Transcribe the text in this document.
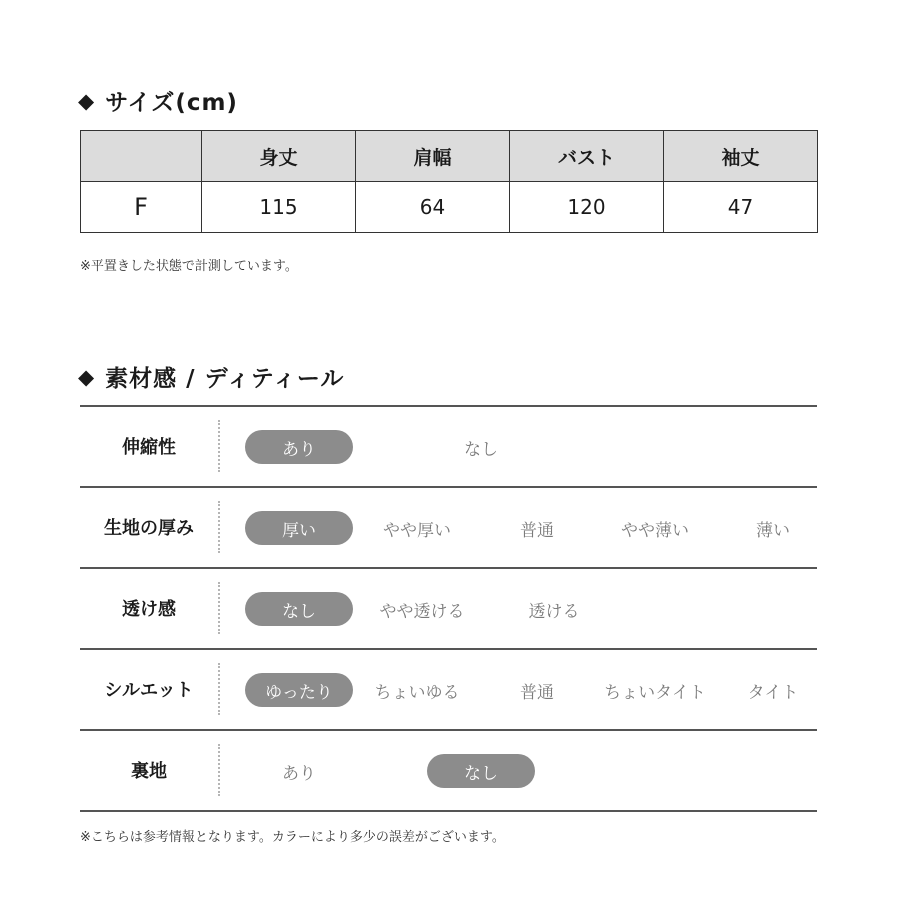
◆ サイズ(cm)
	身丈	肩幅	バスト	袖丈
F	115	64	120	47
※平置きした状態で計測しています。
◆ 素材感 / ディティール
伸縮性	あり	なし
生地の厚み	厚い	やや厚い	普通	やや薄い	薄い
透け感	なし	やや透ける	透ける
シルエット	ゆったり	ちょいゆる	普通	ちょいタイト	タイト
裏地	あり	なし
※こちらは参考情報となります。カラーにより多少の誤差がございます。
